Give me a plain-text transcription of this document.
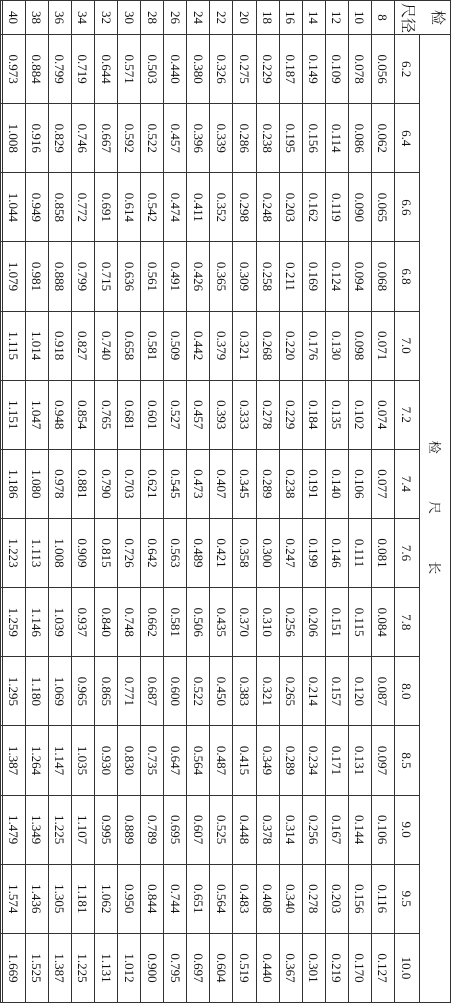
检
尺径	检 尺 长													
	6.2	6.4	6.6	6.8	7.0	7.2	7.4	7.6	7.8	8.0	8.5	9.0	9.5	10.0
8	0.056	0.062	0.065	0.068	0.071	0.074	0.077	0.081	0.084	0.087	0.097	0.106	0.116	0.127
10	0.078	0.086	0.090	0.094	0.098	0.102	0.106	0.111	0.115	0.120	0.131	0.144	0.156	0.170
12	0.109	0.114	0.119	0.124	0.130	0.135	0.140	0.146	0.151	0.157	0.171	0.167	0.203	0.219
14	0.149	0.156	0.162	0.169	0.176	0.184	0.191	0.199	0.206	0.214	0.234	0.256	0.278	0.301
16	0.187	0.195	0.203	0.211	0.220	0.229	0.238	0.247	0.256	0.265	0.289	0.314	0.340	0.367
18	0.229	0.238	0.248	0.258	0.268	0.278	0.289	0.300	0.310	0.321	0.349	0.378	0.408	0.440
20	0.275	0.286	0.298	0.309	0.321	0.333	0.345	0.358	0.370	0.383	0.415	0.448	0.483	0.519
22	0.326	0.339	0.352	0.365	0.379	0.393	0.407	0.421	0.435	0.450	0.487	0.525	0.564	0.604
24	0.380	0.396	0.411	0.426	0.442	0.457	0.473	0.489	0.506	0.522	0.564	0.607	0.651	0.697
26	0.440	0.457	0.474	0.491	0.509	0.527	0.545	0.563	0.581	0.600	0.647	0.695	0.744	0.795
28	0.503	0.522	0.542	0.561	0.581	0.601	0.621	0.642	0.662	0.687	0.735	0.789	0.844	0.900
30	0.571	0.592	0.614	0.636	0.658	0.681	0.703	0.726	0.748	0.771	0.830	0.889	0.950	1.012
32	0.644	0.667	0.691	0.715	0.740	0.765	0.790	0.815	0.840	0.865	0.930	0.995	1.062	1.131
34	0.719	0.746	0.772	0.799	0.827	0.854	0.881	0.909	0.937	0.965	1.035	1.107	1.181	1.225
36	0.799	0.829	0.858	0.888	0.918	0.948	0.978	1.008	1.039	1.069	1.147	1.225	1.305	1.387
38	0.884	0.916	0.949	0.981	1.014	1.047	1.080	1.113	1.146	1.180	1.264	1.349	1.436	1.525
40	0.973	1.008	1.044	1.079	1.115	1.151	1.186	1.223	1.259	1.295	1.387	1.479	1.574	1.669
